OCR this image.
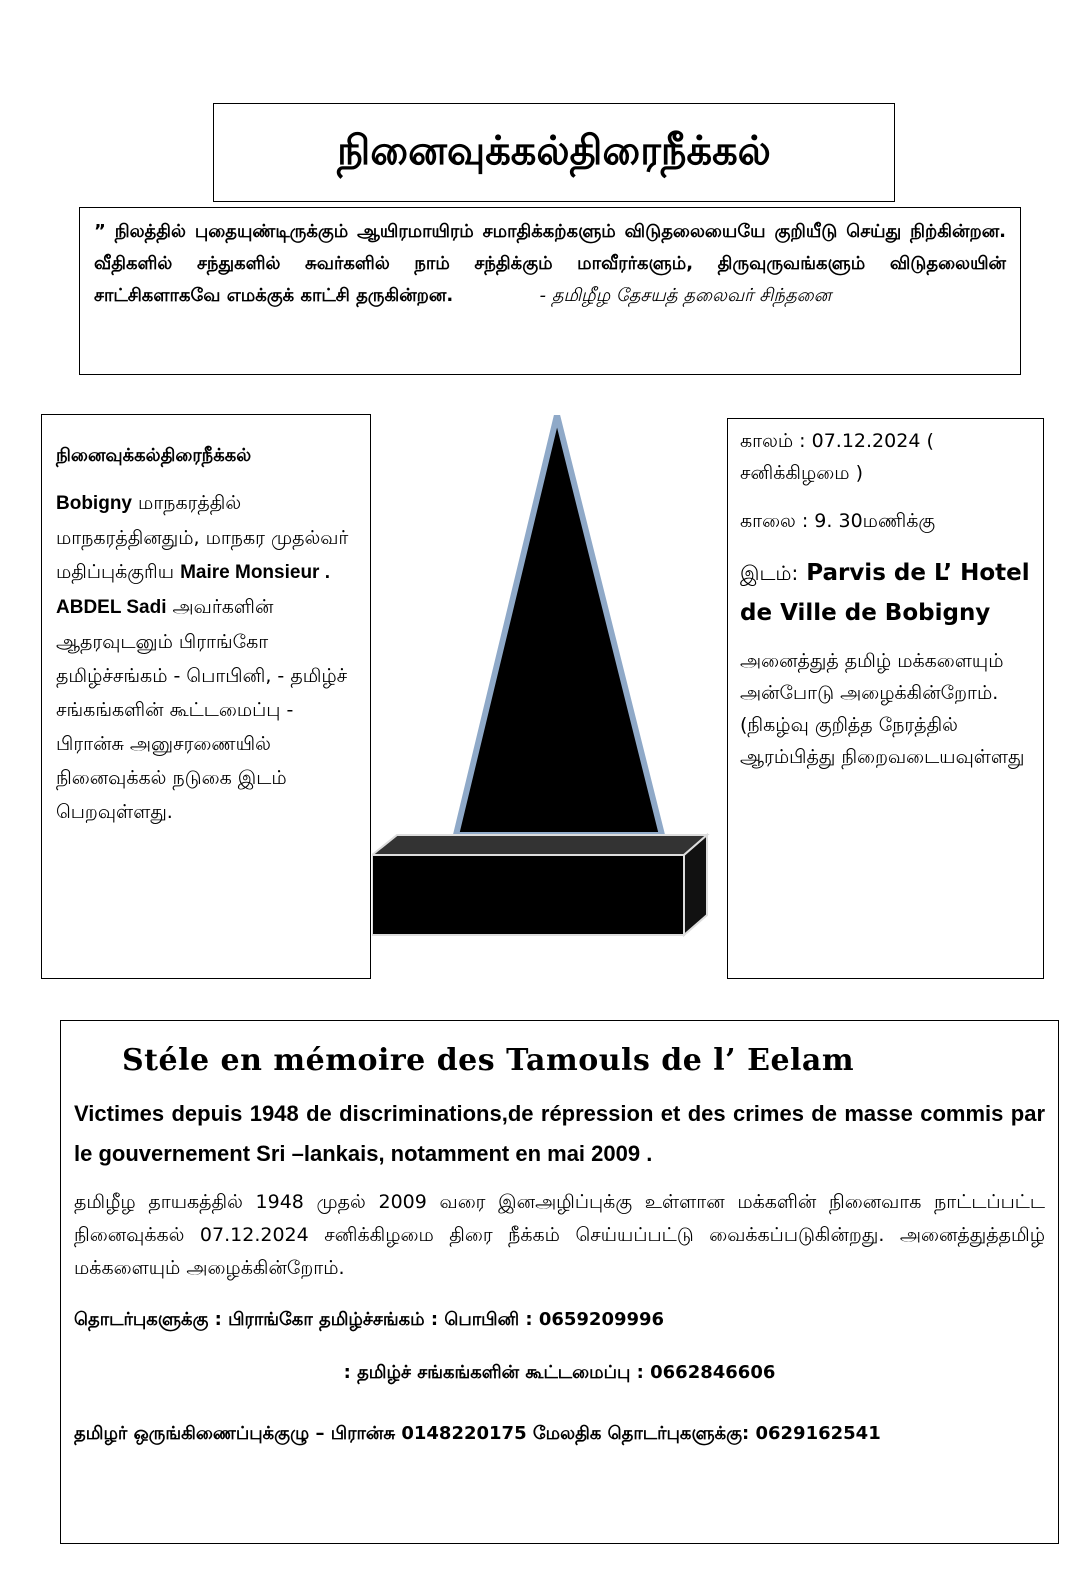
நினைவுக்கல்திரைநீக்கல்

” நிலத்தில் புதையுண்டிருக்கும் ஆயிரமாயிரம் சமாதிக்கற்களும் விடுதலையையே குறியீடு செய்து நிற்கின்றன. வீதிகளில் சந்துகளில் சுவர்களில் நாம் சந்திக்கும் மாவீரர்களும், திருவுருவங்களும் விடுதலையின் சாட்சிகளாகவே எமக்குக் காட்சி தருகின்றன.	- தமிழீழ தேசயத் தலைவர் சிந்தனை

நினைவுக்கல்திரைநீக்கல்

Bobigny மாநகரத்தில் மாநகரத்தினதும், மாநகர முதல்வர் மதிப்புக்குரிய Maire Monsieur . ABDEL Sadi அவர்களின் ஆதரவுடனும் பிராங்கோ தமிழ்ச்சங்கம் - பொபினி, - தமிழ்ச் சங்கங்களின் கூட்டமைப்பு - பிரான்சு அனுசரணையில் நினைவுக்கல் நடுகை இடம் பெறவுள்ளது.

காலம் : 07.12.2024 ( சனிக்கிழமை )

காலை : 9. 30மணிக்கு

இடம்: Parvis de L’ Hotel de Ville de Bobigny

அனைத்துத் தமிழ் மக்களையும் அன்போடு அழைக்கின்றோம். (நிகழ்வு குறித்த நேரத்தில் ஆரம்பித்து நிறைவடையவுள்ளது

Stéle en mémoire des Tamouls de l’ Eelam

Victimes depuis 1948 de discriminations,de répression et des crimes de masse commis par le gouvernement Sri –lankais, notamment en mai 2009 .

தமிழீழ தாயகத்தில் 1948 முதல் 2009 வரை இனஅழிப்புக்கு உள்ளான மக்களின் நினைவாக நாட்டப்பட்ட நினைவுக்கல் 07.12.2024 சனிக்கிழமை திரை நீக்கம் செய்யப்பட்டு வைக்கப்படுகின்றது. அனைத்துத்தமிழ் மக்களையும் அழைக்கின்றோம்.

தொடர்புகளுக்கு : பிராங்கோ தமிழ்ச்சங்கம் : பொபினி : 0659209996

: தமிழ்ச் சங்கங்களின் கூட்டமைப்பு : 0662846606

தமிழர் ஒருங்கிணைப்புக்குழு – பிரான்சு 0148220175 மேலதிக தொடர்புகளுக்கு: 0629162541
